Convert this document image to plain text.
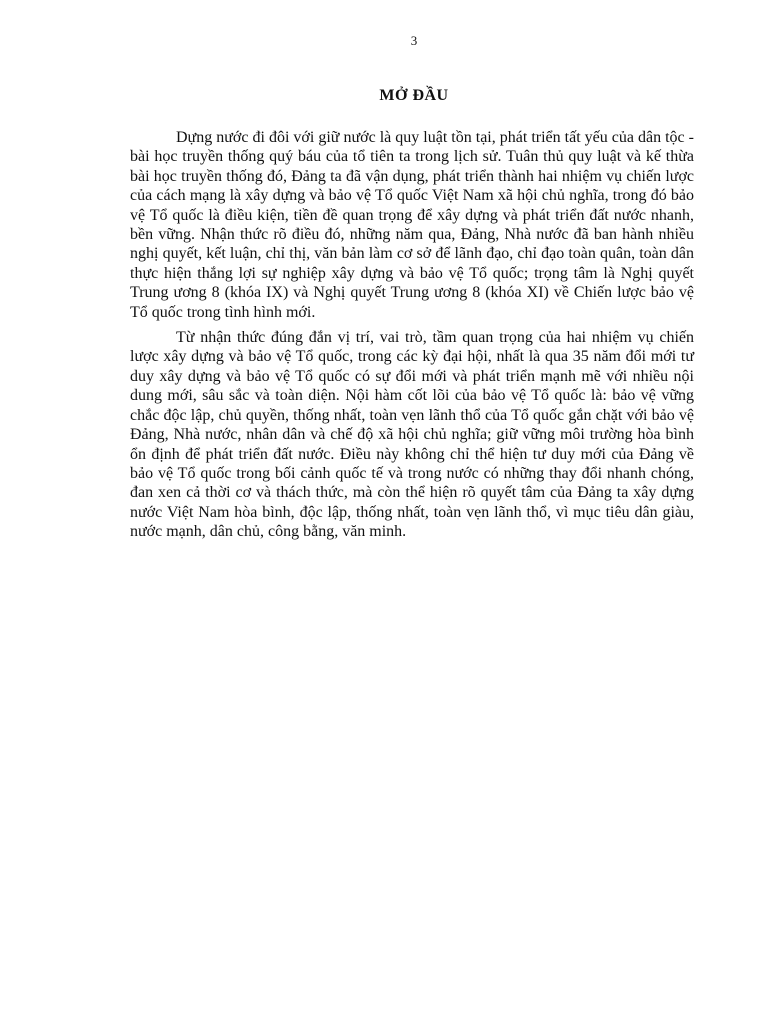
3
MỞ ĐẦU

Dựng nước đi đôi với giữ nước là quy luật tồn tại, phát triển tất yếu của dân tộc - bài học truyền thống quý báu của tổ tiên ta trong lịch sử. Tuân thủ quy luật và kế thừa bài học truyền thống đó, Đảng ta đã vận dụng, phát triển thành hai nhiệm vụ chiến lược của cách mạng là xây dựng và bảo vệ Tổ quốc Việt Nam xã hội chủ nghĩa, trong đó bảo vệ Tổ quốc là điều kiện, tiền đề quan trọng để xây dựng và phát triển đất nước nhanh, bền vững. Nhận thức rõ điều đó, những năm qua, Đảng, Nhà nước đã ban hành nhiều nghị quyết, kết luận, chỉ thị, văn bản làm cơ sở để lãnh đạo, chỉ đạo toàn quân, toàn dân thực hiện thắng lợi sự nghiệp xây dựng và bảo vệ Tổ quốc; trọng tâm là Nghị quyết Trung ương 8 (khóa IX) và Nghị quyết Trung ương 8 (khóa XI) về Chiến lược bảo vệ Tổ quốc trong tình hình mới.

Từ nhận thức đúng đắn vị trí, vai trò, tầm quan trọng của hai nhiệm vụ chiến lược xây dựng và bảo vệ Tổ quốc, trong các kỳ đại hội, nhất là qua 35 năm đổi mới tư duy xây dựng và bảo vệ Tổ quốc có sự đổi mới và phát triển mạnh mẽ với nhiều nội dung mới, sâu sắc và toàn diện. Nội hàm cốt lõi của bảo vệ Tổ quốc là: bảo vệ vững chắc độc lập, chủ quyền, thống nhất, toàn vẹn lãnh thổ của Tổ quốc gắn chặt với bảo vệ Đảng, Nhà nước, nhân dân và chế độ xã hội chủ nghĩa; giữ vững môi trường hòa bình ổn định để phát triển đất nước. Điều này không chỉ thể hiện tư duy mới của Đảng về bảo vệ Tổ quốc trong bối cảnh quốc tế và trong nước có những thay đổi nhanh chóng, đan xen cả thời cơ và thách thức, mà còn thể hiện rõ quyết tâm của Đảng ta xây dựng nước Việt Nam hòa bình, độc lập, thống nhất, toàn vẹn lãnh thổ, vì mục tiêu dân giàu, nước mạnh, dân chủ, công bằng, văn minh.
